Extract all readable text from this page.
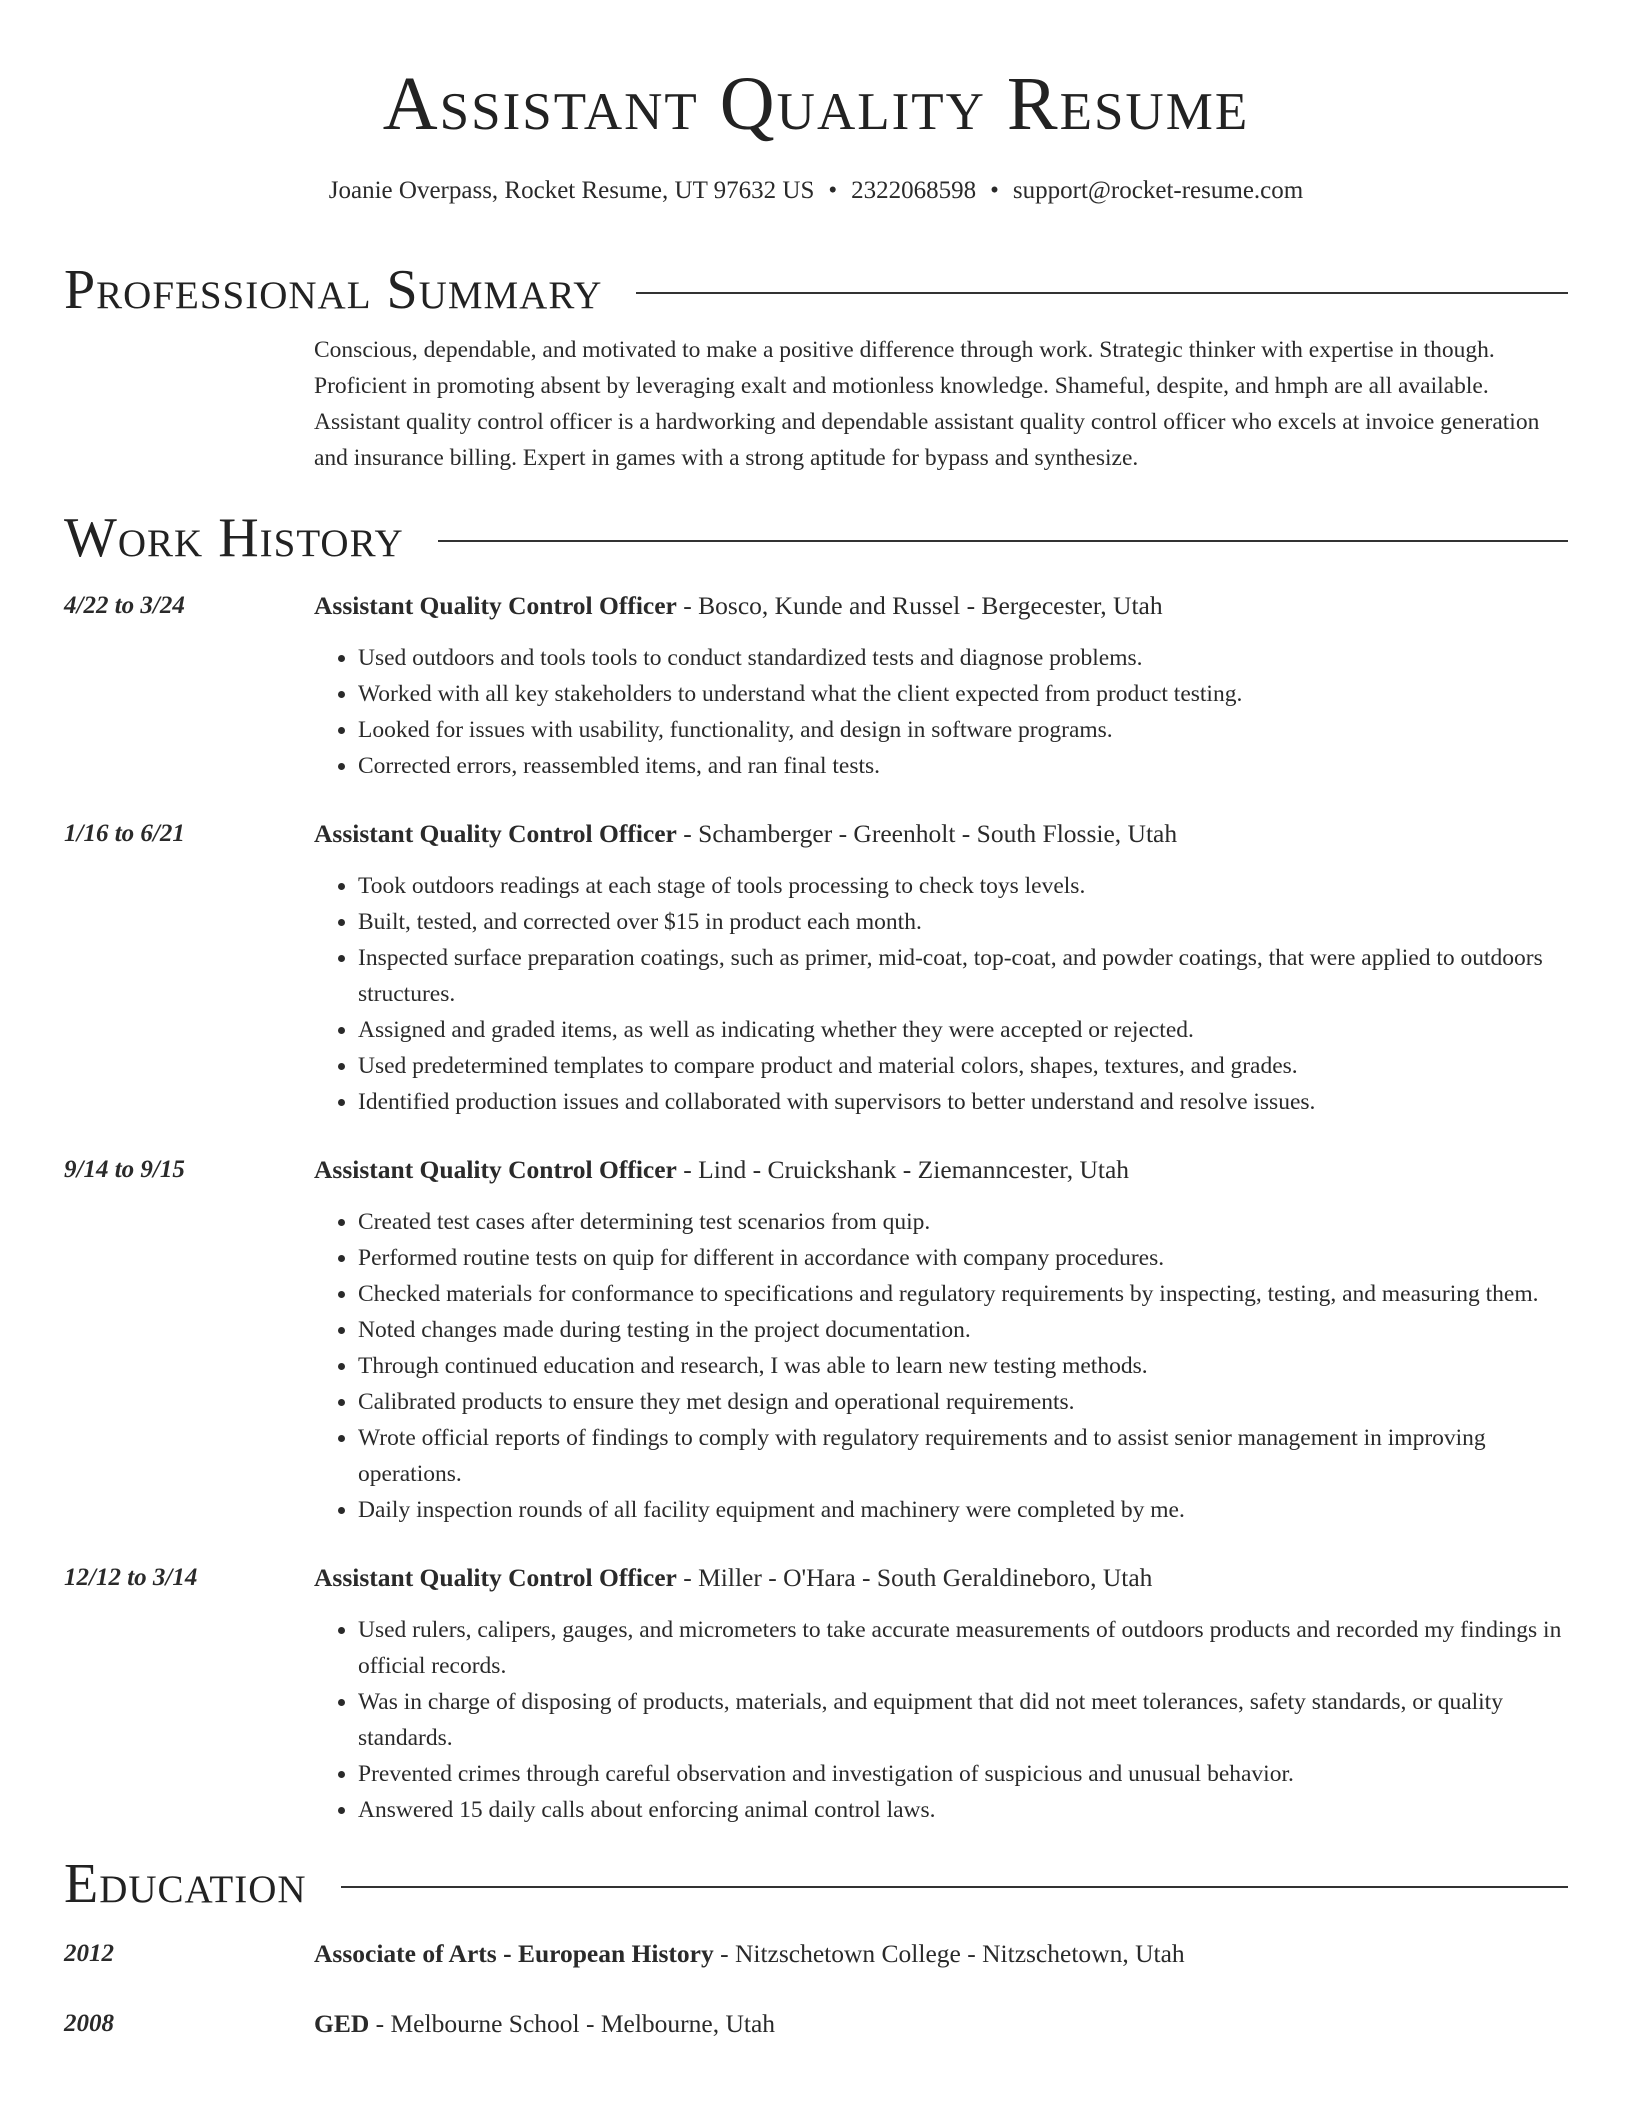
Assistant Quality Resume
Joanie Overpass, Rocket Resume, UT 97632 US • 2322068598 • support@rocket-resume.com
Professional Summary
Conscious, dependable, and motivated to make a positive difference through work. Strategic thinker with expertise in though. Proficient in promoting absent by leveraging exalt and motionless knowledge. Shameful, despite, and hmph are all available. Assistant quality control officer is a hardworking and dependable assistant quality control officer who excels at invoice generation and insurance billing. Expert in games with a strong aptitude for bypass and synthesize.
Work History
4/22 to 3/24	Assistant Quality Control Officer - Bosco, Kunde and Russel - Bergecester, Utah
• Used outdoors and tools tools to conduct standardized tests and diagnose problems.
• Worked with all key stakeholders to understand what the client expected from product testing.
• Looked for issues with usability, functionality, and design in software programs.
• Corrected errors, reassembled items, and ran final tests.
1/16 to 6/21	Assistant Quality Control Officer - Schamberger - Greenholt - South Flossie, Utah
• Took outdoors readings at each stage of tools processing to check toys levels.
• Built, tested, and corrected over $15 in product each month.
• Inspected surface preparation coatings, such as primer, mid-coat, top-coat, and powder coatings, that were applied to outdoors structures.
• Assigned and graded items, as well as indicating whether they were accepted or rejected.
• Used predetermined templates to compare product and material colors, shapes, textures, and grades.
• Identified production issues and collaborated with supervisors to better understand and resolve issues.
9/14 to 9/15	Assistant Quality Control Officer - Lind - Cruickshank - Ziemanncester, Utah
• Created test cases after determining test scenarios from quip.
• Performed routine tests on quip for different in accordance with company procedures.
• Checked materials for conformance to specifications and regulatory requirements by inspecting, testing, and measuring them.
• Noted changes made during testing in the project documentation.
• Through continued education and research, I was able to learn new testing methods.
• Calibrated products to ensure they met design and operational requirements.
• Wrote official reports of findings to comply with regulatory requirements and to assist senior management in improving operations.
• Daily inspection rounds of all facility equipment and machinery were completed by me.
12/12 to 3/14	Assistant Quality Control Officer - Miller - O'Hara - South Geraldineboro, Utah
• Used rulers, calipers, gauges, and micrometers to take accurate measurements of outdoors products and recorded my findings in official records.
• Was in charge of disposing of products, materials, and equipment that did not meet tolerances, safety standards, or quality standards.
• Prevented crimes through careful observation and investigation of suspicious and unusual behavior.
• Answered 15 daily calls about enforcing animal control laws.
Education
2012	Associate of Arts - European History - Nitzschetown College - Nitzschetown, Utah
2008	GED - Melbourne School - Melbourne, Utah
